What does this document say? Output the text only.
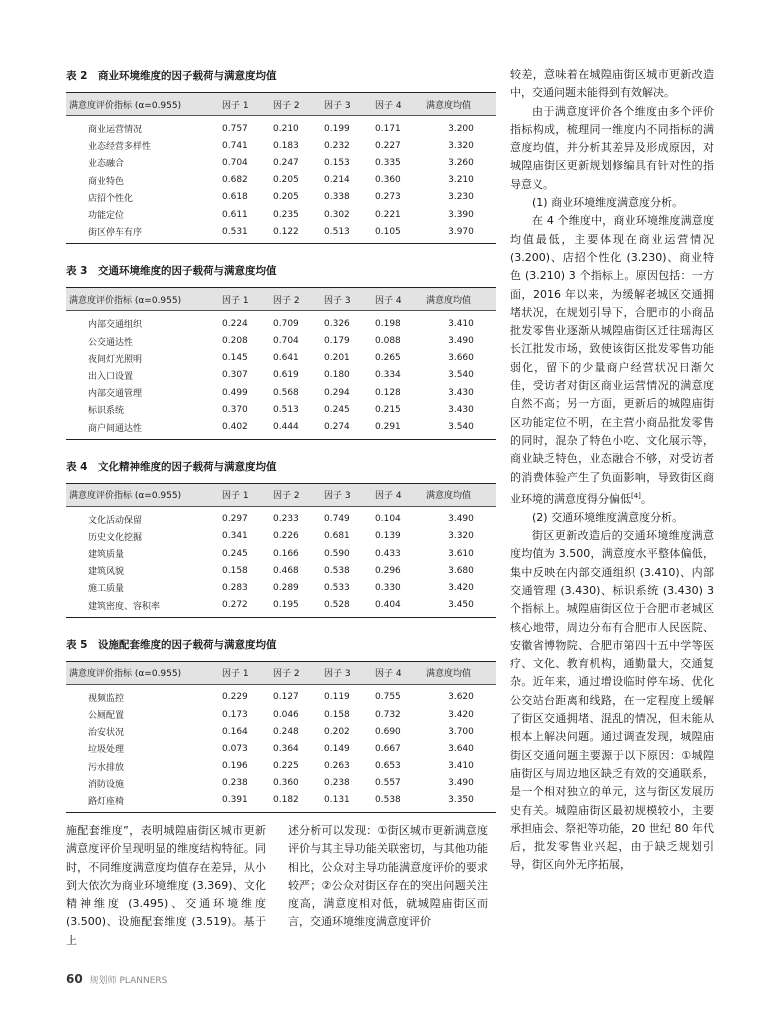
表 2　商业环境维度的因子载荷与满意度均值
满意度评价指标 (α=0.955)	因子 1	因子 2	因子 3	因子 4	满意度均值
商业运营情况	0.757	0.210	0.199	0.171	3.200
业态经营多样性	0.741	0.183	0.232	0.227	3.320
业态融合	0.704	0.247	0.153	0.335	3.260
商业特色	0.682	0.205	0.214	0.360	3.210
店招个性化	0.618	0.205	0.338	0.273	3.230
功能定位	0.611	0.235	0.302	0.221	3.390
街区停车有序	0.531	0.122	0.513	0.105	3.970
表 3　交通环境维度的因子载荷与满意度均值
满意度评价指标 (α=0.955)	因子 1	因子 2	因子 3	因子 4	满意度均值
内部交通组织	0.224	0.709	0.326	0.198	3.410
公交通达性	0.208	0.704	0.179	0.088	3.490
夜间灯光照明	0.145	0.641	0.201	0.265	3.660
出入口设置	0.307	0.619	0.180	0.334	3.540
内部交通管理	0.499	0.568	0.294	0.128	3.430
标识系统	0.370	0.513	0.245	0.215	3.430
商户间通达性	0.402	0.444	0.274	0.291	3.540
表 4　文化精神维度的因子载荷与满意度均值
满意度评价指标 (α=0.955)	因子 1	因子 2	因子 3	因子 4	满意度均值
文化活动保留	0.297	0.233	0.749	0.104	3.490
历史文化挖掘	0.341	0.226	0.681	0.139	3.320
建筑质量	0.245	0.166	0.590	0.433	3.610
建筑风貌	0.158	0.468	0.538	0.296	3.680
施工质量	0.283	0.289	0.533	0.330	3.420
建筑密度、容积率	0.272	0.195	0.528	0.404	3.450
表 5　设施配套维度的因子载荷与满意度均值
满意度评价指标 (α=0.955)	因子 1	因子 2	因子 3	因子 4	满意度均值
视频监控	0.229	0.127	0.119	0.755	3.620
公厕配置	0.173	0.046	0.158	0.732	3.420
治安状况	0.164	0.248	0.202	0.690	3.700
垃圾处理	0.073	0.364	0.149	0.667	3.640
污水排放	0.196	0.225	0.263	0.653	3.410
消防设施	0.238	0.360	0.238	0.557	3.490
路灯座椅	0.391	0.182	0.131	0.538	3.350

较差，意味着在城隍庙街区城市更新改造中，交通问题未能得到有效解决。

由于满意度评价各个维度由多个评价指标构成，梳理同一维度内不同指标的满意度均值，并分析其差异及形成原因，对城隍庙街区更新规划修编具有针对性的指导意义。

(1) 商业环境维度满意度分析。

在 4 个维度中，商业环境维度满意度均值最低，主要体现在商业运营情况 (3.200)、店招个性化 (3.230)、商业特色 (3.210) 3 个指标上。原因包括：一方面，2016 年以来，为缓解老城区交通拥堵状况，在规划引导下，合肥市的小商品批发零售业逐渐从城隍庙街区迁往瑶海区长江批发市场，致使该街区批发零售功能弱化，留下的少量商户经营状况日渐欠佳，受访者对街区商业运营情况的满意度自然不高；另一方面，更新后的城隍庙街区功能定位不明，在主营小商品批发零售的同时，混杂了特色小吃、文化展示等，商业缺乏特色，业态融合不够，对受访者的消费体验产生了负面影响，导致街区商业环境的满意度得分偏低[4]。

(2) 交通环境维度满意度分析。

街区更新改造后的交通环境维度满意度均值为 3.500，满意度水平整体偏低，集中反映在内部交通组织 (3.410)、内部交通管理 (3.430)、标识系统 (3.430) 3 个指标上。城隍庙街区位于合肥市老城区核心地带，周边分布有合肥市人民医院、安徽省博物院、合肥市第四十五中学等医疗、文化、教育机构，通勤量大，交通复杂。近年来，通过增设临时停车场、优化公交站台距离和线路，在一定程度上缓解了街区交通拥堵、混乱的情况，但未能从根本上解决问题。通过调查发现，城隍庙街区交通问题主要源于以下原因：①城隍庙街区与周边地区缺乏有效的交通联系，是一个相对独立的单元，这与街区发展历史有关。城隍庙街区最初规模较小，主要承担庙会、祭祀等功能，20 世纪 80 年代后，批发零售业兴起，由于缺乏规划引导，街区向外无序拓展，

施配套维度”，表明城隍庙街区城市更新满意度评价呈现明显的维度结构特征。同时，不同维度满意度均值存在差异，从小到大依次为商业环境维度 (3.369)、文化精神维度 (3.495)、交通环境维度 (3.500)、设施配套维度 (3.519)。基于上

述分析可以发现：①街区城市更新满意度评价与其主导功能关联密切，与其他功能相比，公众对主导功能满意度评价的要求较严；②公众对街区存在的突出问题关注度高，满意度相对低，就城隍庙街区而言，交通环境维度满意度评价

60 规划师 PLANNERS
